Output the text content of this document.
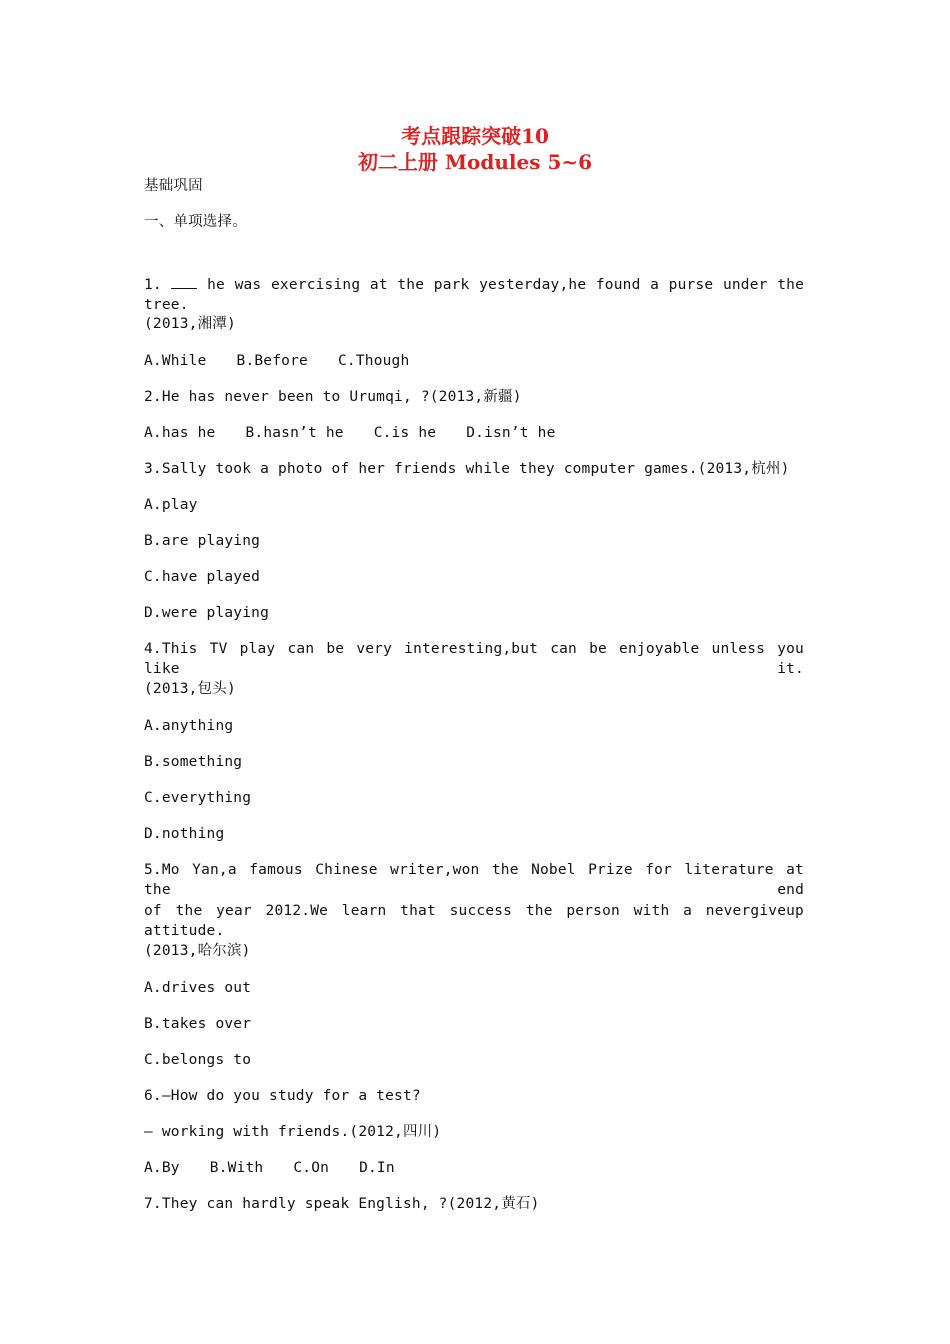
考点跟踪突破10
初二上册 Modules 5~6
基础巩固
一、单项选择。
1.  he was exercising at the park yesterday,he found a purse under the tree.
(2013,湘潭)
A.While B.Before C.Though
2.He has never been to Urumqi, ?(2013,新疆)
A.has he B.hasn’t he C.is he D.isn’t he
3.Sally took a photo of her friends while they computer games.(2013,杭州)
A.play
B.are playing
C.have played
D.were playing
4.This TV play can be very interesting,but can be enjoyable unless you like it.
(2013,包头)
A.anything
B.something
C.everything
D.nothing
5.Mo Yan,a famous Chinese writer,won the Nobel Prize for literature at the end
of the year 2012.We learn that success the person with a nevergiveup attitude.
(2013,哈尔滨)
A.drives out
B.takes over
C.belongs to
6.—How do you study for a test?
— working with friends.(2012,四川)
A.By B.With C.On D.In
7.They can hardly speak English, ?(2012,黄石)
